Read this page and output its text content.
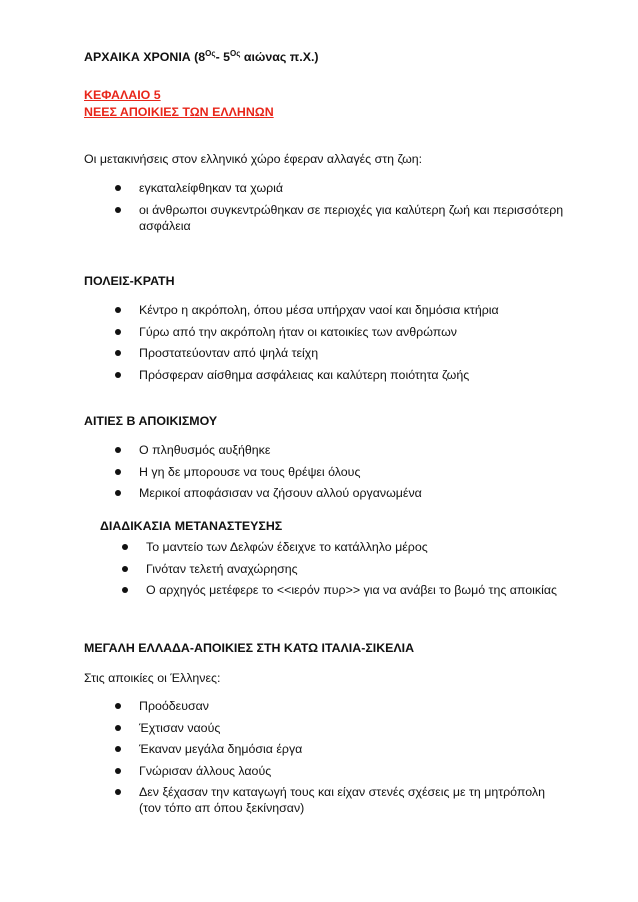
ΑΡΧΑΙΚΑ ΧΡΟΝΙΑ ($8^{O\varsigma}-$ $5^{O\varsigma}$ αιώνας π.Χ.)
ΚΕΦΑΛΑΙΟ 5
ΝΕΕΣ ΑΠΟΙΚΙΕΣ ΤΩΝ ΕΛΛΗΝΩΝ
Οι μετακινήσεις στον ελληνικό χώρο έφεραν αλλαγές στη ζωη:
εγκαταλείφθηκαν τα χωριά
οι άνθρωποι συγκεντρώθηκαν σε περιοχές για καλύτερη ζωή και περισσότερη ασφάλεια
ΠΟΛΕΙΣ-ΚΡΑΤΗ
Κέντρο η ακρόπολη, όπου μέσα υπήρχαν ναοί και δημόσια κτήρια
Γύρω από την ακρόπολη ήταν οι κατοικίες των ανθρώπων
Προστατεύονταν από ψηλά τείχη
Πρόσφεραν αίσθημα ασφάλειας και καλύτερη ποιότητα ζωής
ΑΙΤΙΕΣ Β ΑΠΟΙΚΙΣΜΟΥ
Ο πληθυσμός αυξήθηκε
Η γη δε μπορουσε να τους θρέψει όλους
Μερικοί αποφάσισαν να ζήσουν αλλού οργανωμένα
ΔΙΑΔΙΚΑΣΙΑ ΜΕΤΑΝΑΣΤΕΥΣΗΣ
Το μαντείο των Δελφών έδειχνε το κατάλληλο μέρος
Γινόταν τελετή αναχώρησης
Ο αρχηγός μετέφερε το <<ιερόν πυρ>> για να ανάβει το βωμό της αποικίας
ΜΕΓΑΛΗ ΕΛΛΑΔΑ-ΑΠΟΙΚΙΕΣ ΣΤΗ ΚΑΤΩ ΙΤΑΛΙΑ-ΣΙΚΕΛΙΑ
Στις αποικίες οι Έλληνες:
Προόδευσαν
Έχτισαν ναούς
Έκαναν μεγάλα δημόσια έργα
Γνώρισαν άλλους λαούς
Δεν ξέχασαν την καταγωγή τους και είχαν στενές σχέσεις με τη μητρόπολη (τον τόπο απ όπου ξεκίνησαν)
